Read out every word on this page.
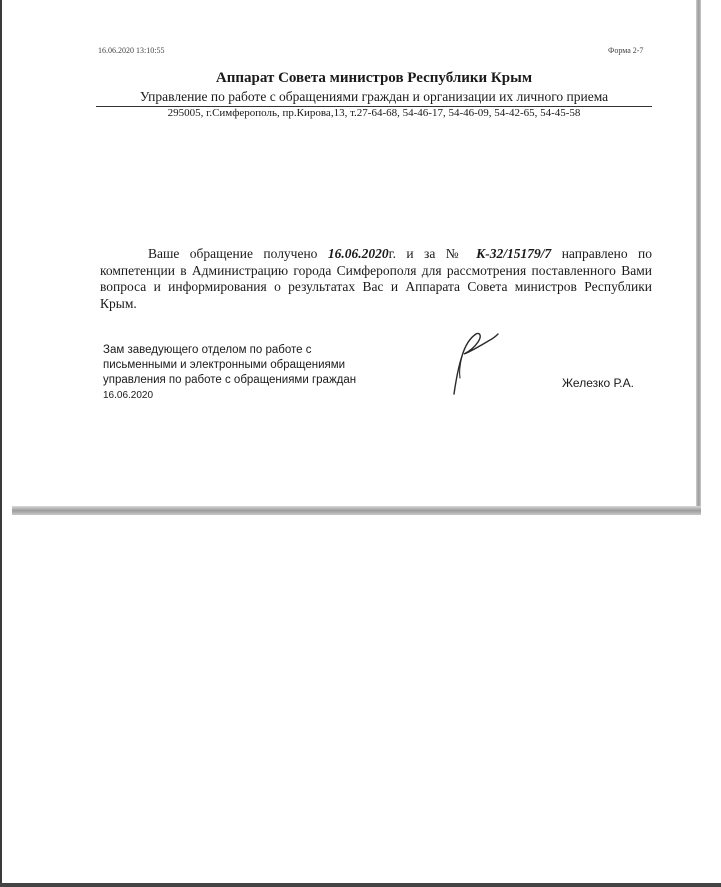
16.06.2020 13:10:55	Форма 2-7
Аппарат Совета министров Республики Крым
Управление по работе с обращениями граждан и организации их личного приема
295005, г.Симферополь, пр.Кирова,13, т.27-64-68, 54-46-17, 54-46-09, 54-42-65, 54-45-58
Ваше обращение получено 16.06.2020г. и за № К-32/15179/7 направлено по компетенции в Администрацию города Симферополя для рассмотрения поставленного Вами вопроса и информирования о результатах Вас и Аппарата Совета министров Республики Крым.
Зам заведующего отделом по работе с
письменными и электронными обращениями
управления по работе с обращениями граждан
16.06.2020
Железко Р.А.
